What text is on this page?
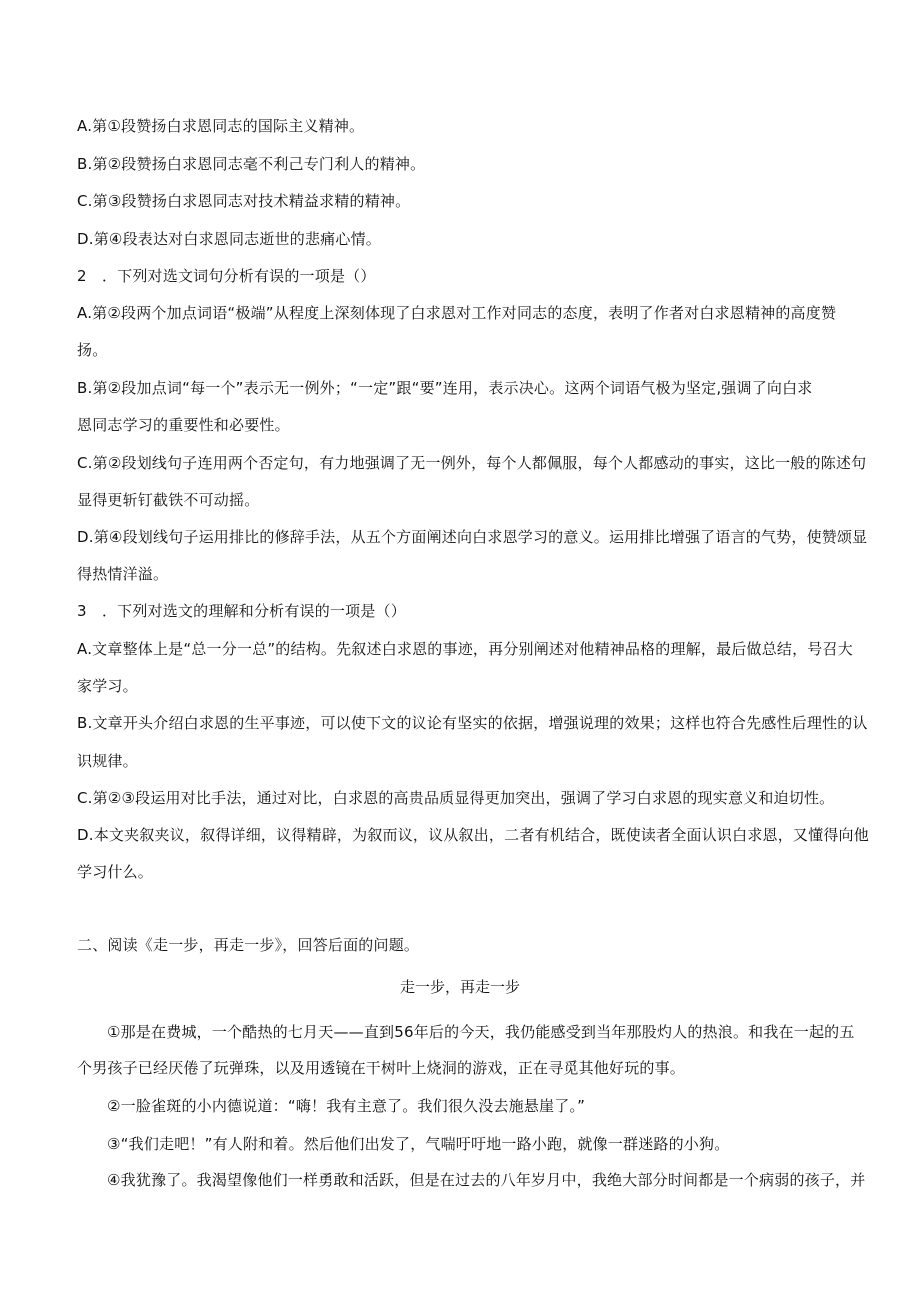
A.第①段赞扬白求恩同志的国际主义精神。
B.第②段赞扬白求恩同志毫不利己专门利人的精神。
C.第③段赞扬白求恩同志对技术精益求精的精神。
D.第④段表达对白求恩同志逝世的悲痛心情。
2　．下列对选文词句分析有误的一项是（）
A.第②段两个加点词语“极端”从程度上深刻体现了白求恩对工作对同志的态度，表明了作者对白求恩精神的高度赞
扬。
B.第②段加点词“每一个”表示无一例外；“一定”跟“要”连用，表示决心。这两个词语气极为坚定,强调了向白求
恩同志学习的重要性和必要性。
C.第②段划线句子连用两个否定句，有力地强调了无一例外，每个人都佩服，每个人都感动的事实，这比一般的陈述句
显得更斩钉截铁不可动摇。
D.第④段划线句子运用排比的修辞手法，从五个方面阐述向白求恩学习的意义。运用排比增强了语言的气势，使赞颂显
得热情洋溢。
3　．下列对选文的理解和分析有误的一项是（）
A.文章整体上是“总一分一总”的结构。先叙述白求恩的事迹，再分别阐述对他精神品格的理解，最后做总结，号召大
家学习。
B.文章开头介绍白求恩的生平事迹，可以使下文的议论有坚实的依据，增强说理的效果；这样也符合先感性后理性的认
识规律。
C.第②③段运用对比手法，通过对比，白求恩的高贵品质显得更加突出，强调了学习白求恩的现实意义和迫切性。
D.本文夹叙夹议，叙得详细，议得精辟，为叙而议，议从叙出，二者有机结合，既使读者全面认识白求恩，又懂得向他
学习什么。
二、阅读《走一步，再走一步》，回答后面的问题。
走一步，再走一步
①那是在费城，一个酷热的七月天——直到56年后的今天，我仍能感受到当年那股灼人的热浪。和我在一起的五
个男孩子已经厌倦了玩弹珠，以及用透镜在干树叶上烧洞的游戏，正在寻觅其他好玩的事。
②一脸雀斑的小内德说道：“嗨！我有主意了。我们很久没去施悬崖了。”
③“我们走吧！”有人附和着。然后他们出发了，气喘吁吁地一路小跑，就像一群迷路的小狗。
④我犹豫了。我渴望像他们一样勇敢和活跃，但是在过去的八年岁月中，我绝大部分时间都是一个病弱的孩子，并
